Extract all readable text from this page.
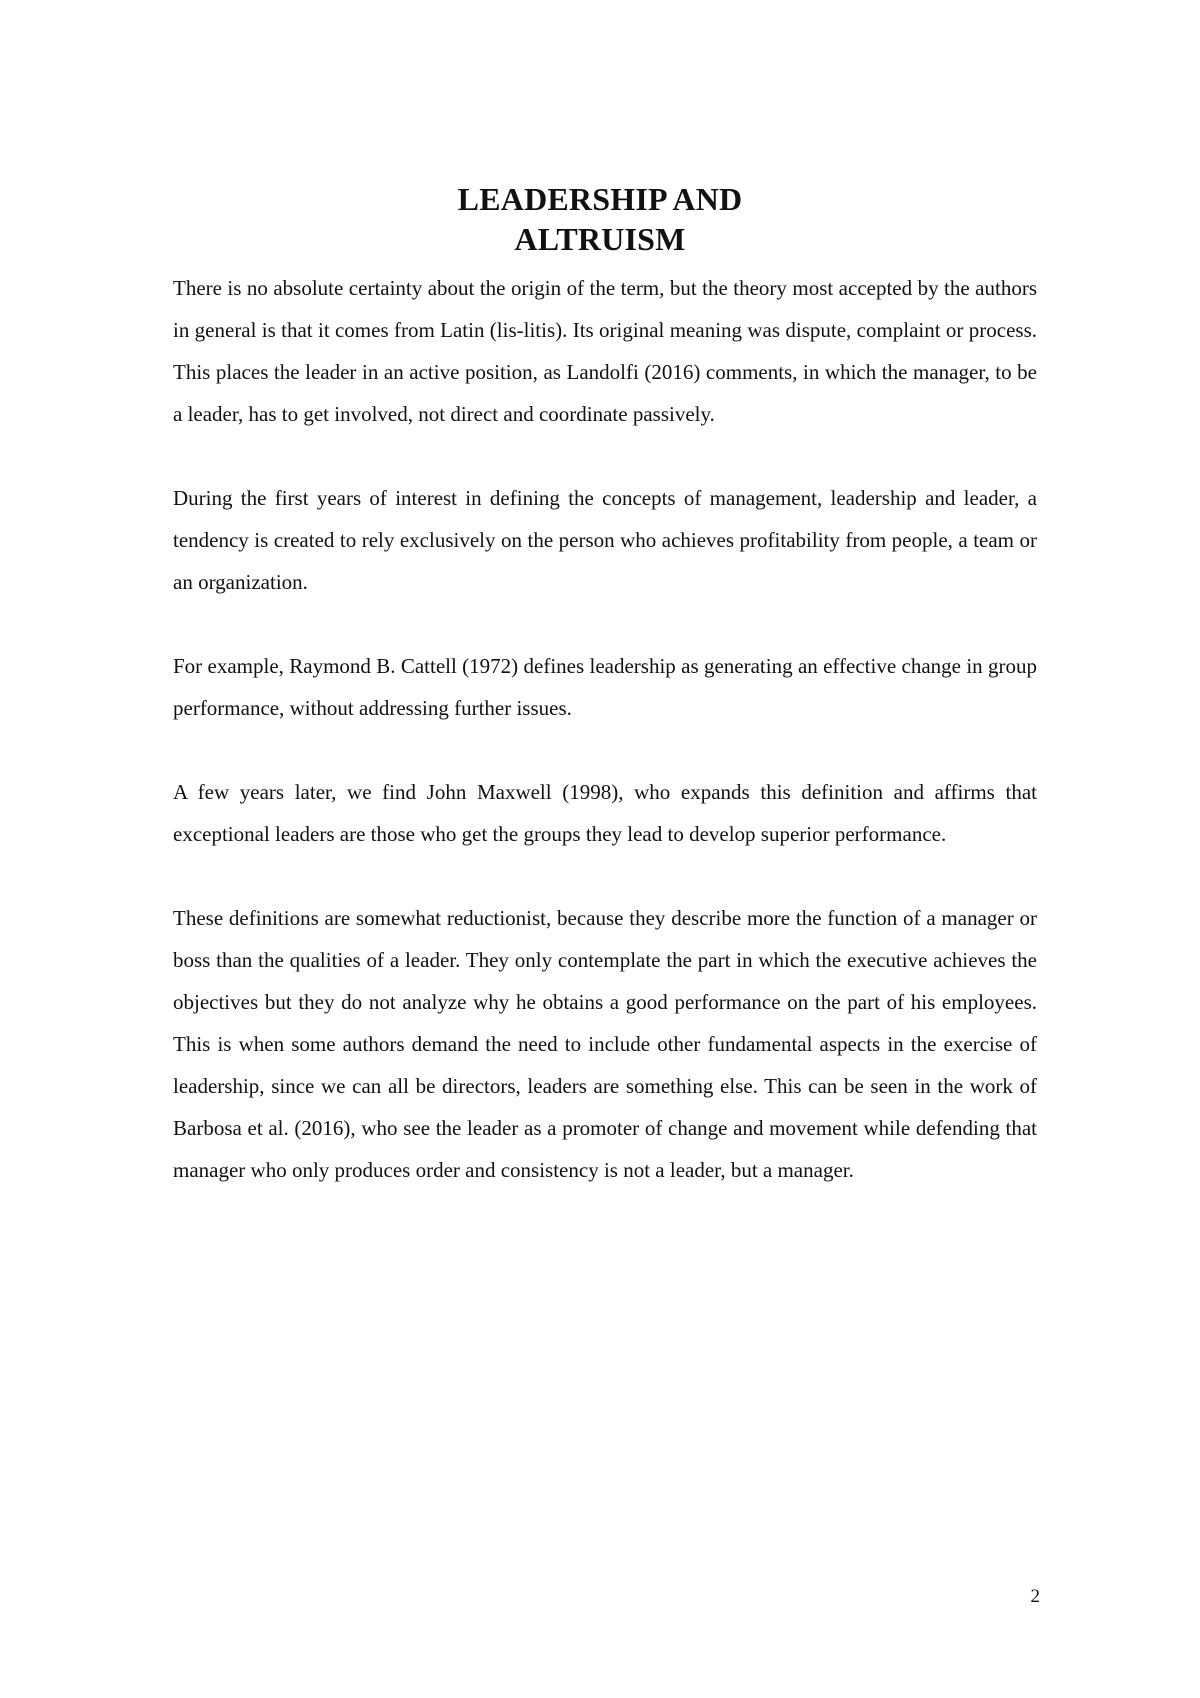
LEADERSHIP AND
ALTRUISM

There is no absolute certainty about the origin of the term, but the theory most accepted by the authors in general is that it comes from Latin (lis-litis). Its original meaning was dispute, complaint or process. This places the leader in an active position, as Landolfi (2016) comments, in which the manager, to be a leader, has to get involved, not direct and coordinate passively.

During the first years of interest in defining the concepts of management, leadership and leader, a tendency is created to rely exclusively on the person who achieves profitability from people, a team or an organization.

For example, Raymond B. Cattell (1972) defines leadership as generating an effective change in group performance, without addressing further issues.

A few years later, we find John Maxwell (1998), who expands this definition and affirms that exceptional leaders are those who get the groups they lead to develop superior performance.

These definitions are somewhat reductionist, because they describe more the function of a manager or boss than the qualities of a leader. They only contemplate the part in which the executive achieves the objectives but they do not analyze why he obtains a good performance on the part of his employees. This is when some authors demand the need to include other fundamental aspects in the exercise of leadership, since we can all be directors, leaders are something else. This can be seen in the work of Barbosa et al. (2016), who see the leader as a promoter of change and movement while defending that manager who only produces order and consistency is not a leader, but a manager.

2
